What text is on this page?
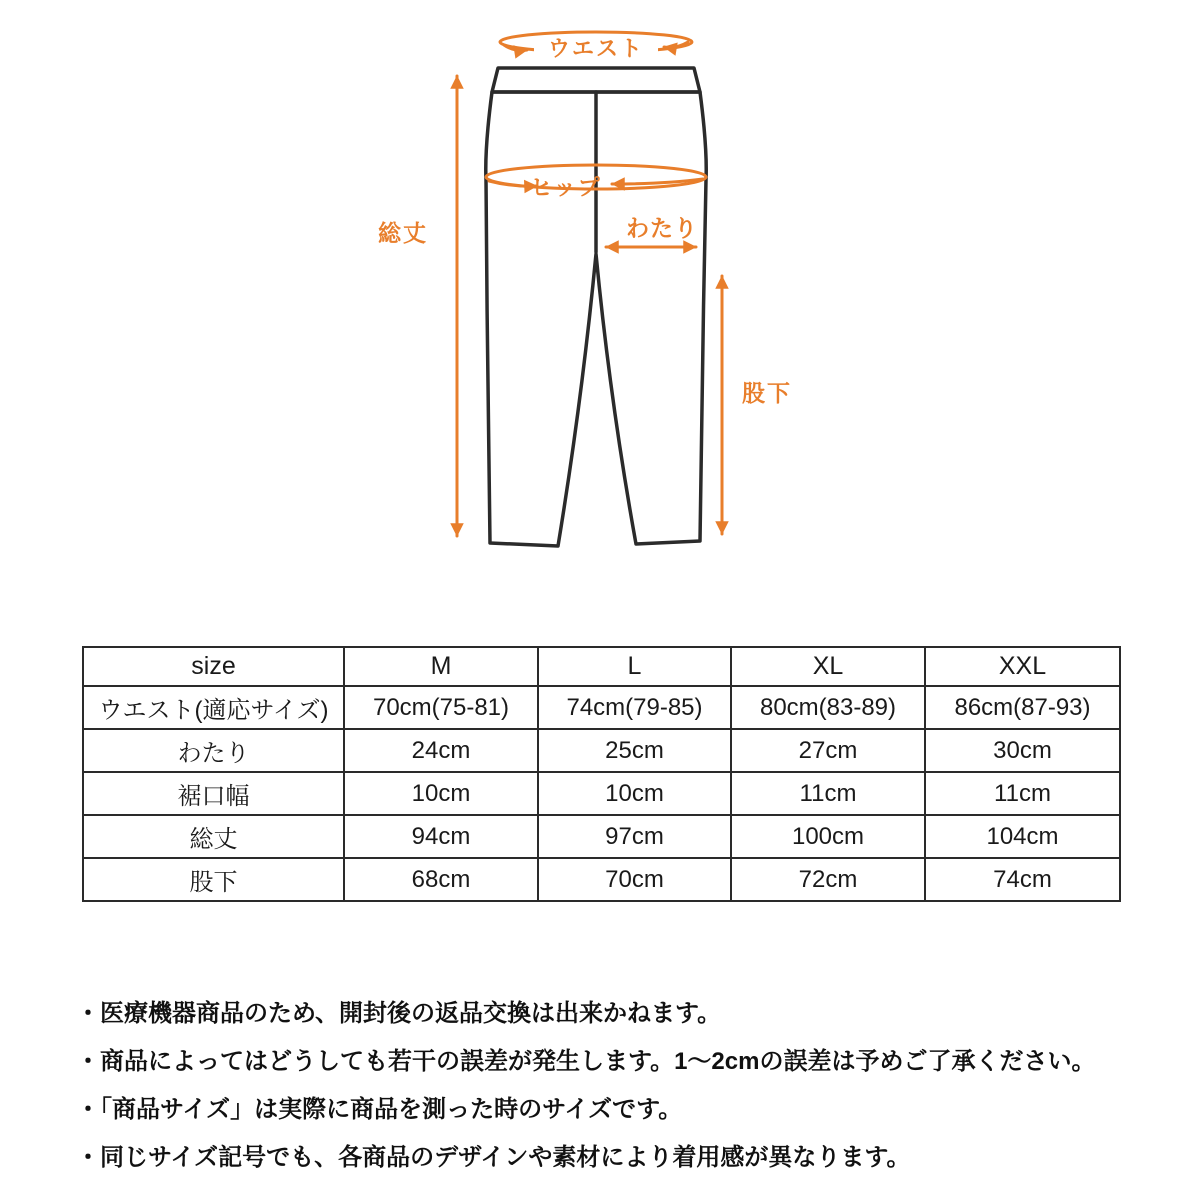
ウエスト
ヒップ
わたり
股下
総丈
size	M	L	XL	XXL
ウエスト(適応サイズ)	70cm(75-81)	74cm(79-85)	80cm(83-89)	86cm(87-93)
わたり	24cm	25cm	27cm	30cm
裾口幅	10cm	10cm	11cm	11cm
総丈	94cm	97cm	100cm	104cm
股下	68cm	70cm	72cm	74cm

・医療機器商品のため、開封後の返品交換は出来かねます。

・商品によってはどうしても若干の誤差が発生します。1〜2cmの誤差は予めご了承ください。

・「商品サイズ」は実際に商品を測った時のサイズです。

・同じサイズ記号でも、各商品のデザインや素材により着用感が異なります。
